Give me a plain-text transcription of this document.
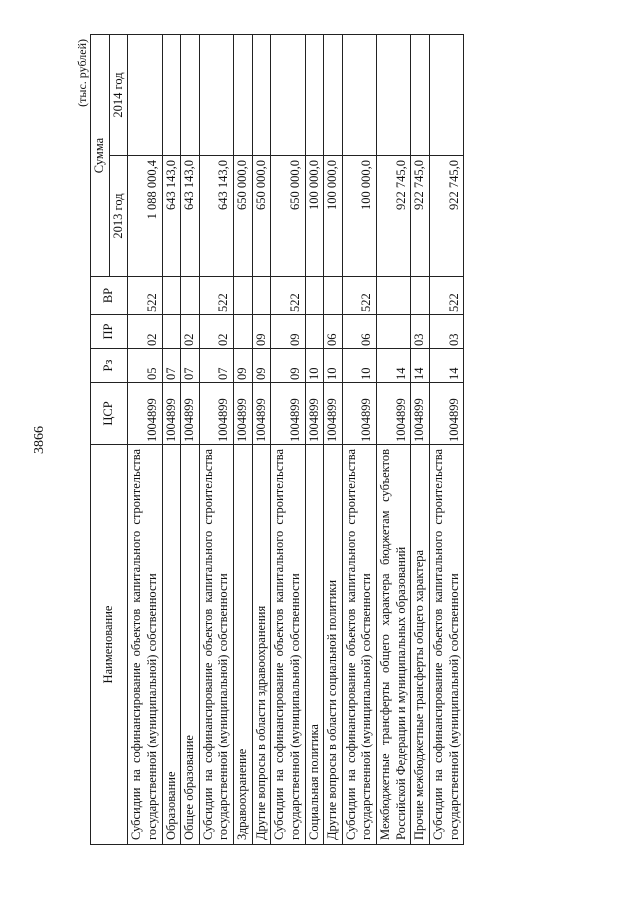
3866
(тыс. рублей)
Наименование	ЦСР	Рз	ПР	ВР	Сумма	
					2013 год	2014 год
Субсидии на софинансирование объектов капитального строительства государственной (муниципальной) собственности	1004899	05	02	522	1 088 000,4	
Образование	1004899	07			643 143,0	
Общее образование	1004899	07	02		643 143,0	
Субсидии на софинансирование объектов капитального строительства государственной (муниципальной) собственности	1004899	07	02	522	643 143,0	
Здравоохранение	1004899	09			650 000,0	
Другие вопросы в области здравоохранения	1004899	09	09		650 000,0	
Субсидии на софинансирование объектов капитального строительства государственной (муниципальной) собственности	1004899	09	09	522	650 000,0	
Социальная политика	1004899	10			100 000,0	
Другие вопросы в области социальной политики	1004899	10	06		100 000,0	
Субсидии на софинансирование объектов капитального строительства государственной (муниципальной) собственности	1004899	10	06	522	100 000,0	
Межбюджетные трансферты общего характера бюджетам субъектов Российской Федерации и муниципальных образований	1004899	14			922 745,0	
Прочие межбюджетные трансферты общего характера	1004899	14	03		922 745,0	
Субсидии на софинансирование объектов капитального строительства государственной (муниципальной) собственности	1004899	14	03	522	922 745,0	
